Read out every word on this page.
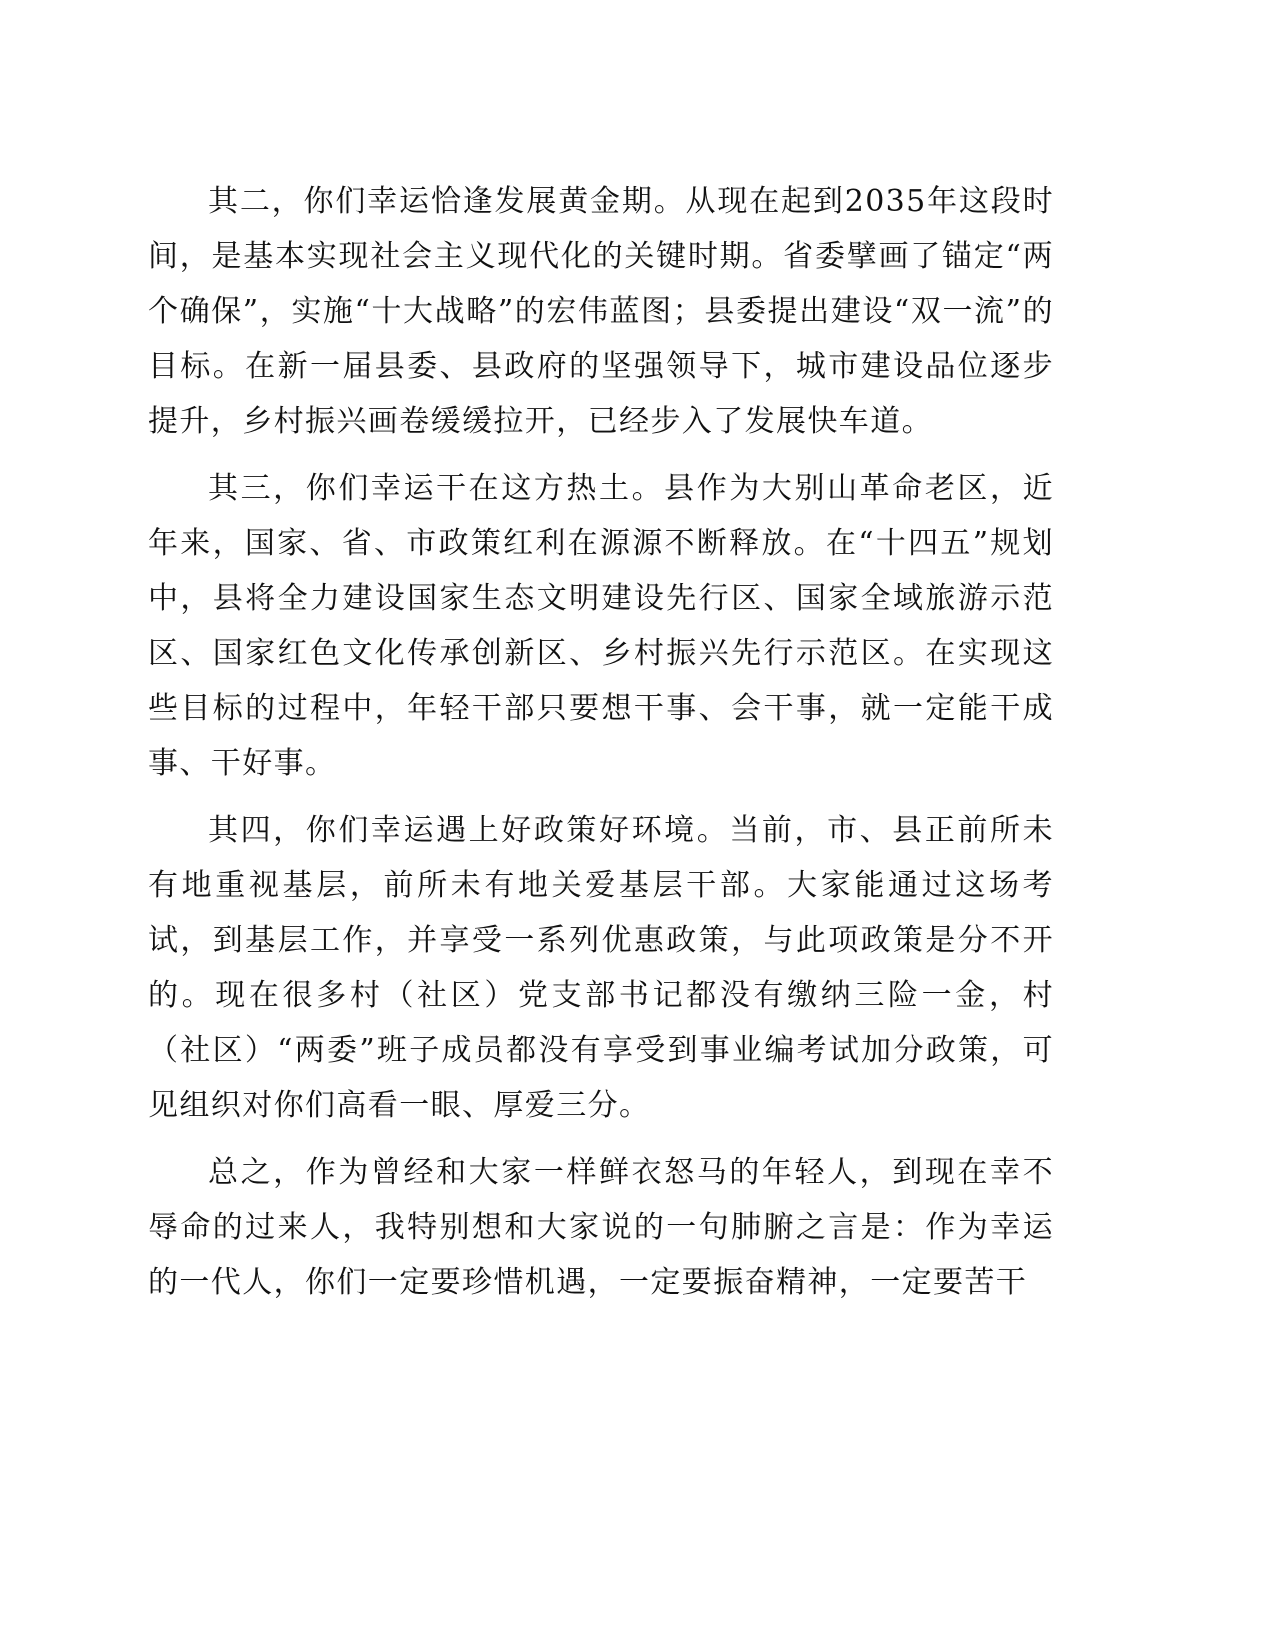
其二，你们幸运恰逢发展黄金期。从现在起到2035年这段时间，是基本实现社会主义现代化的关键时期。省委擘画了锚定“两个确保”，实施“十大战略”的宏伟蓝图；县委提出建设“双一流”的目标。在新一届县委、县政府的坚强领导下，城市建设品位逐步提升，乡村振兴画卷缓缓拉开，已经步入了发展快车道。

其三，你们幸运干在这方热土。县作为大别山革命老区，近年来，国家、省、市政策红利在源源不断释放。在“十四五”规划中，县将全力建设国家生态文明建设先行区、国家全域旅游示范区、国家红色文化传承创新区、乡村振兴先行示范区。在实现这些目标的过程中，年轻干部只要想干事、会干事，就一定能干成事、干好事。

其四，你们幸运遇上好政策好环境。当前，市、县正前所未有地重视基层，前所未有地关爱基层干部。大家能通过这场考试，到基层工作，并享受一系列优惠政策，与此项政策是分不开的。现在很多村（社区）党支部书记都没有缴纳三险一金，村（社区）“两委”班子成员都没有享受到事业编考试加分政策，可见组织对你们高看一眼、厚爱三分。

总之，作为曾经和大家一样鲜衣怒马的年轻人，到现在幸不辱命的过来人，我特别想和大家说的一句肺腑之言是：作为幸运的一代人，你们一定要珍惜机遇，一定要振奋精神，一定要苦干
